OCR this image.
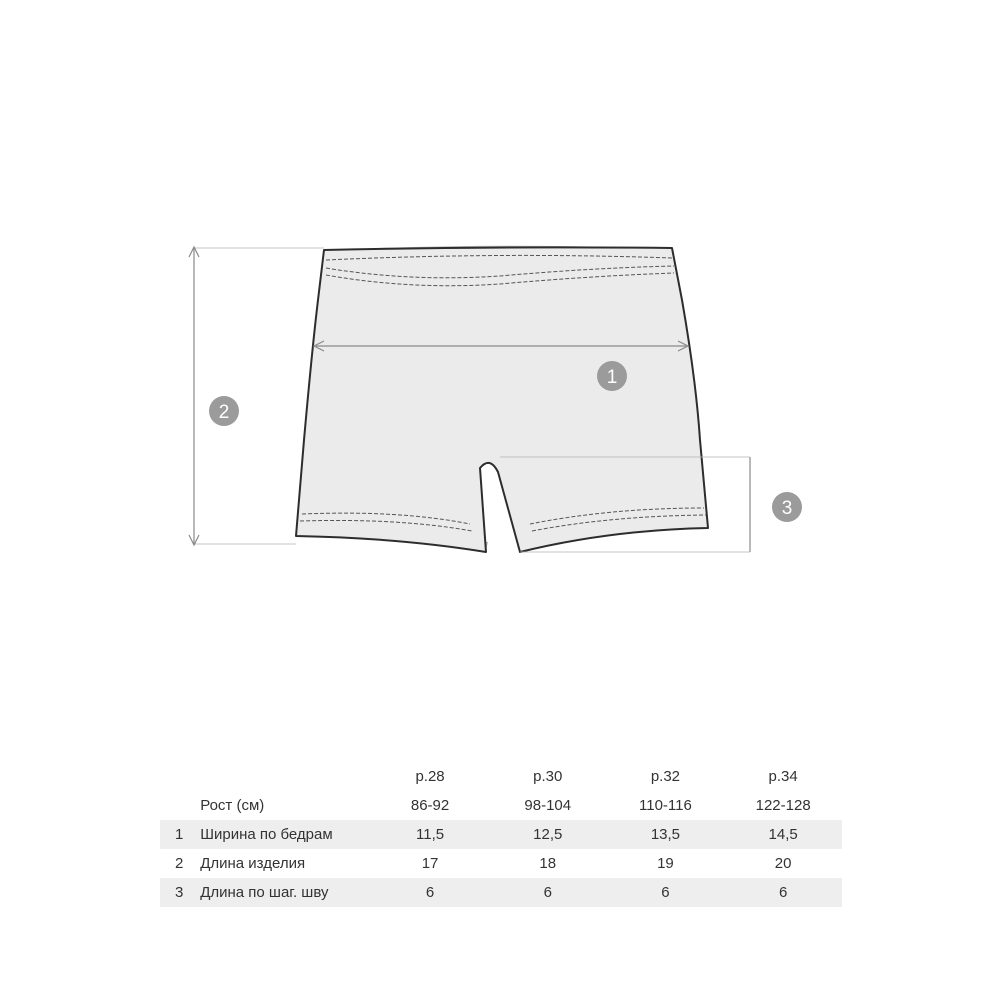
1
2
3
		р.28	р.30	р.32	р.34
	Рост (см)	86-92	98-104	110-116	122-128
1	Ширина по бедрам	11,5	12,5	13,5	14,5
2	Длина изделия	17	18	19	20
3	Длина по шаг. шву	6	6	6	6
